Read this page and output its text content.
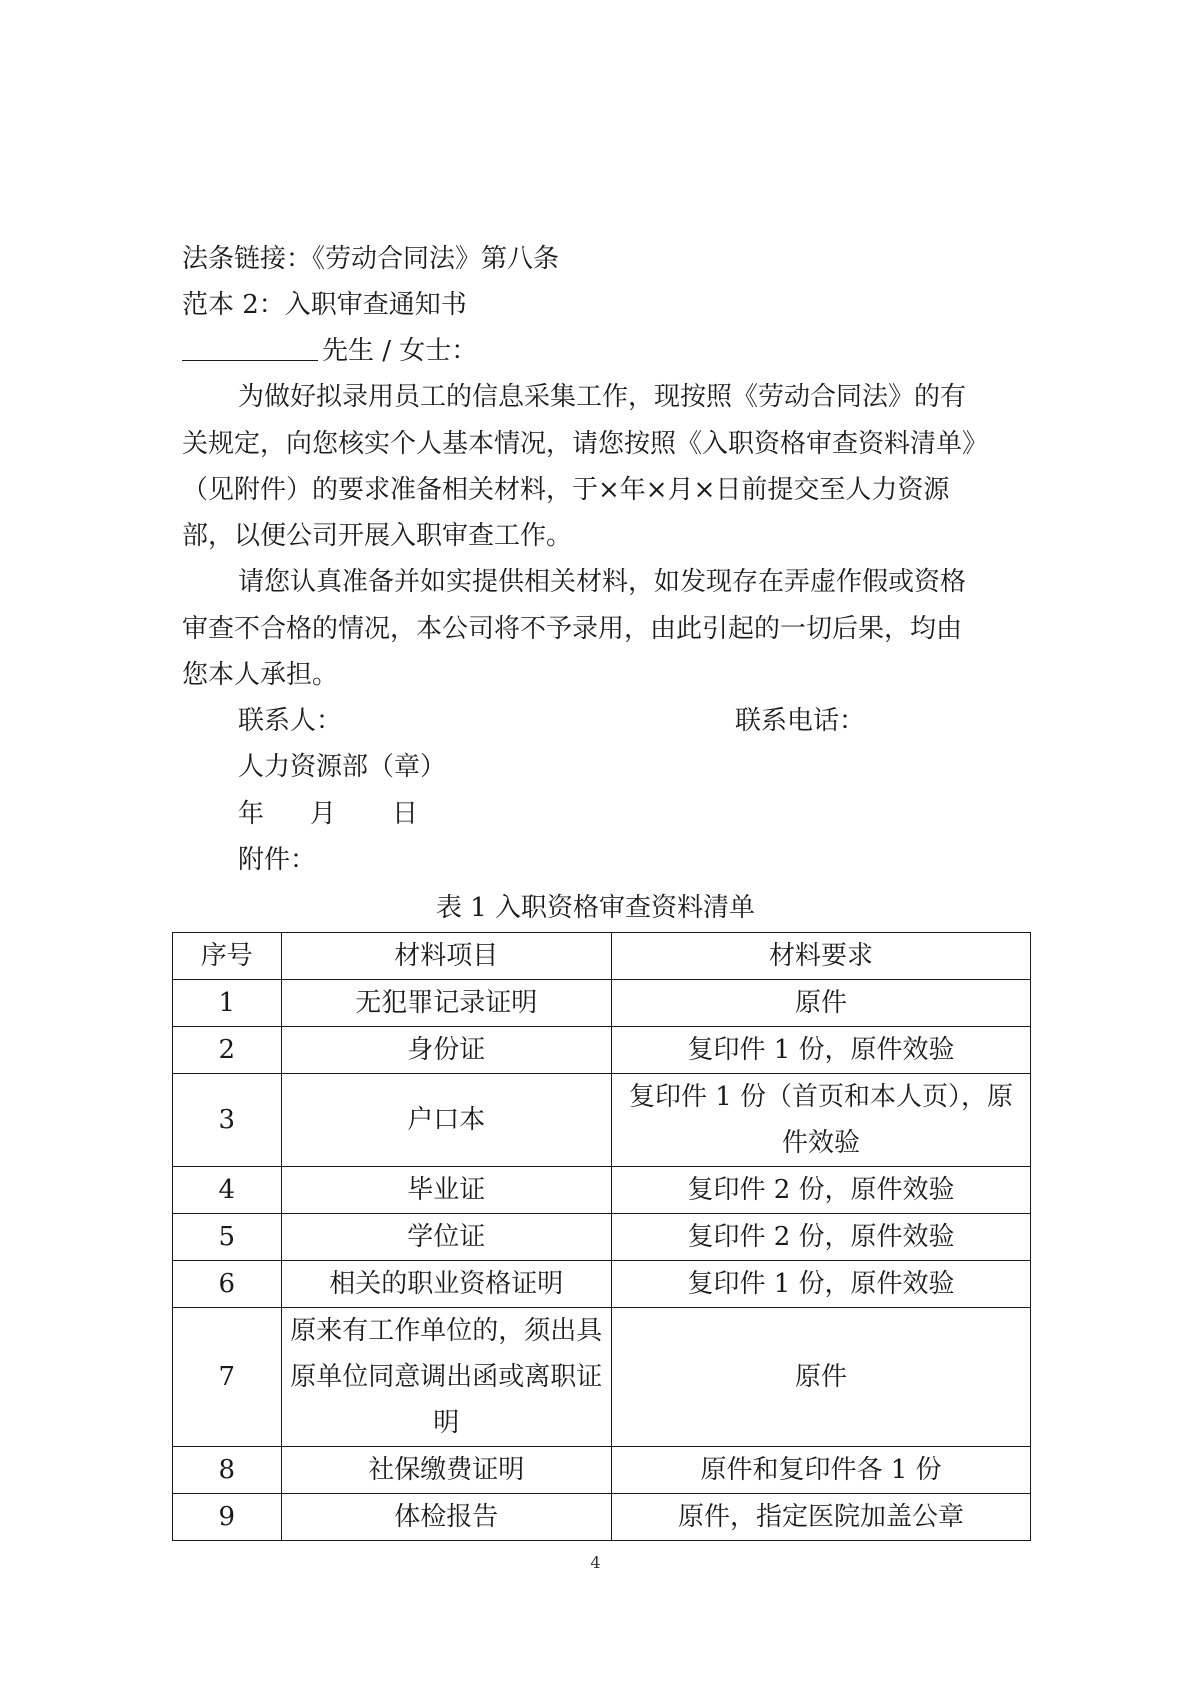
法条链接：《劳动合同法》第八条
范本 2：入职审查通知书
先生 / 女士：
为做好拟录用员工的信息采集工作，现按照《劳动合同法》的有
关规定，向您核实个人基本情况，请您按照《入职资格审查资料清单》
（见附件）的要求准备相关材料，于×年×月×日前提交至人力资源
部，以便公司开展入职审查工作。
请您认真准备并如实提供相关材料，如发现存在弄虚作假或资格
审查不合格的情况，本公司将不予录用，由此引起的一切后果，均由
您本人承担。
联系人：	联系电话：
人力资源部（章）
年 月 日
附件：
表 1 入职资格审查资料清单
序号	材料项目	材料要求
1	无犯罪记录证明	原件
2	身份证	复印件 1 份，原件效验
3	户口本	复印件 1 份（首页和本人页），原件效验
4	毕业证	复印件 2 份，原件效验
5	学位证	复印件 2 份，原件效验
6	相关的职业资格证明	复印件 1 份，原件效验
7	原来有工作单位的，须出具原单位同意调出函或离职证明	原件
8	社保缴费证明	原件和复印件各 1 份
9	体检报告	原件，指定医院加盖公章
4
